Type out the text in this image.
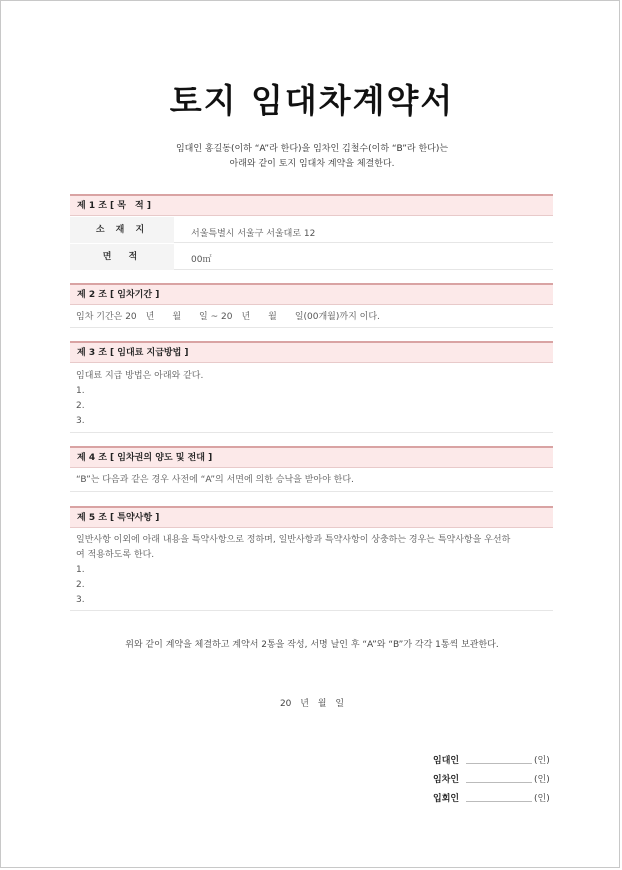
토지 임대차계약서
임대인 홍길동(이하 “A”라 한다)을 임차인 김철수(이하 “B”라 한다)는
아래와 같이 토지 임대차 계약을 체결한다.
제 1 조 [ 목　적 ]
소 재 지	서울특별시 서울구 서울대로 12
면　적	00㎡
제 2 조 [ 임차기간 ]
임차 기간은 20　년　　월　　일 ~ 20　년　　월　　일(00개월)까지 이다.
제 3 조 [ 임대료 지급방법 ]
임대료 지급 방법은 아래와 같다.
1.
2.
3.
제 4 조 [ 임차권의 양도 및 전대 ]
“B”는 다음과 같은 경우 사전에 “A”의 서면에 의한 승낙을 받아야 한다.
제 5 조 [ 특약사항 ]
일반사항 이외에 아래 내용을 특약사항으로 정하며, 일반사항과 특약사항이 상충하는 경우는 특약사항을 우선하
여 적용하도록 한다.
1.
2.
3.
위와 같이 계약을 체결하고 계약서 2통을 작성, 서명 날인 후 “A”와 “B”가 각각 1통씩 보관한다.
20 년 월 일
임대인	(인)
임차인	(인)
입회인	(인)
